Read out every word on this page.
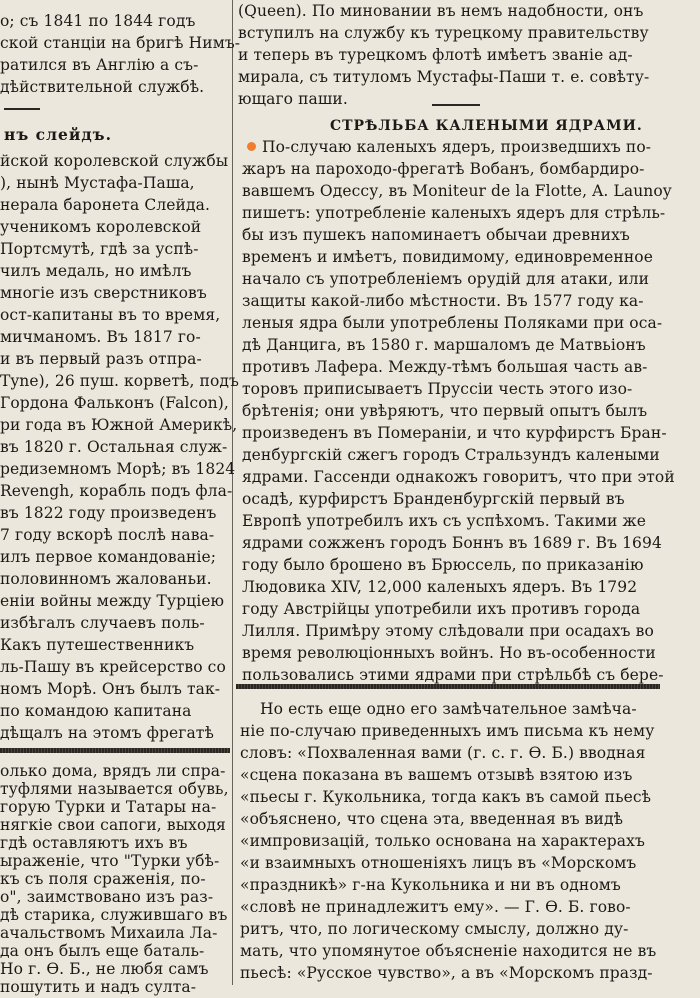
о; съ 1841 по 1844 годъ
ской станціи на бригѣ Нимъ-
ратился въ Англію а съ-
дѣйствительной службѣ.
нъ слейдъ.
йской королевской службы
), нынѣ Мустафа-Паша,
нерала баронета Слейда.
ученикомъ королевской
Портсмутѣ, гдѣ за успѣ-
чилъ медаль, но имѣлъ
многіе изъ сверстниковъ
ост-капитаны въ то время,
мичманомъ. Въ 1817 го-
и въ первый разъ отпра-
Tyne), 26 пуш. корветѣ, подъ
Гордона Фальконъ (Falcon),
ри года въ Южной Америкѣ,
въ 1820 г. Остальная служ-
редиземномъ Морѣ; въ 1824
Revengh, корабль подъ фла-
въ 1822 году произведенъ
7 году вскорѣ послѣ нава-
илъ первое командованіе;
половинномъ жалованьи.
еніи войны между Турціею
избѣгалъ случаевъ поль-
Какъ путешественникъ
ль-Пашу въ крейсерство со
номъ Морѣ. Онъ былъ так-
по командою капитана
дѣщалъ на этомъ фрегатѣ
олько дома, врядъ ли спра-
туфлями называется обувь,
горую Турки и Татары на-
нягкіе свои сапоги, выходя
гдѣ оставляютъ ихъ въ
ыраженіе, что "Турки убѣ-
къ съ поля сраженія, по-
о", заимствовано изъ раз-
дѣ старика, служившаго въ
ачальствомъ Михаила Ла-
да онъ былъ еще баталь-
Но г. Ѳ. Б., не любя самъ
пошутить и надъ султа-
(Queen). По миновании въ немъ надобности, онъ
вступилъ на службу къ турецкому правительству
и теперь въ турецкомъ флотѣ имѣетъ званіе ад-
мирала, съ титуломъ Мустафы-Паши т. е. совѣту-
ющаго паши.
СТРѢЛЬБА КАЛЕНЫМИ ЯДРАМИ.
По-случаю каленыхъ ядеръ, произведшихъ по-
жаръ на пароходо-фрегатѣ Вобанъ, бомбардиро-
вавшемъ Одессу, въ Moniteur de la Flotte, A. Launoy
пишетъ: употребленіе каленыхъ ядеръ для стрѣль-
бы изъ пушекъ напоминаетъ обычаи древнихъ
временъ и имѣетъ, повидимому, единовременное
начало съ употребленіемъ орудій для атаки, или
защиты какой-либо мѣстности. Въ 1577 году ка-
леныя ядра были употреблены Поляками при оса-
дѣ Данцига, въ 1580 г. маршаломъ де Матвьіонъ
противъ Лафера. Между-тѣмъ большая часть ав-
торовъ приписываетъ Пруссіи честь этого изо-
брѣтенія; они увѣряютъ, что первый опытъ былъ
произведенъ въ Помераніи, и что курфирстъ Бран-
денбургскій сжегъ городъ Стральзундъ калеными
ядрами. Гассенди однакожъ говоритъ, что при этой
осадѣ, курфирстъ Бранденбургскій первый въ
Европѣ употребилъ ихъ съ успѣхомъ. Такими же
ядрами сожженъ городъ Боннъ въ 1689 г. Въ 1694
году было брошено въ Брюссель, по приказанію
Людовика XIV, 12,000 каленыхъ ядеръ. Въ 1792
году Австрійцы употребили ихъ противъ города
Лилля. Примѣру этому слѣдовали при осадахъ во
время революціонныхъ войнъ. Но въ-особенности
пользовались этими ядрами при стрѣльбѣ съ бере-
Но есть еще одно его замѣчательное замѣча-
ніе по-случаю приведенныхъ имъ письма къ нему
словъ: «Похваленная вами (г. с. г. Ѳ. Б.) вводная
«сцена показана въ вашемъ отзывѣ взятою изъ
«пьесы г. Кукольника, тогда какъ въ самой пьесѣ
«объяснено, что сцена эта, введенная въ видѣ
«импровизацій, только основана на характерахъ
«и взаимныхъ отношеніяхъ лицъ въ «Морскомъ
«праздникѣ» г-на Кукольника и ни въ одномъ
«словѣ не принадлежитъ ему». — Г. Ѳ. Б. гово-
ритъ, что, по логическому смыслу, должно ду-
мать, что упомянутое объясненіе находится не въ
пьесѣ: «Русское чувство», а въ «Морскомъ празд-
